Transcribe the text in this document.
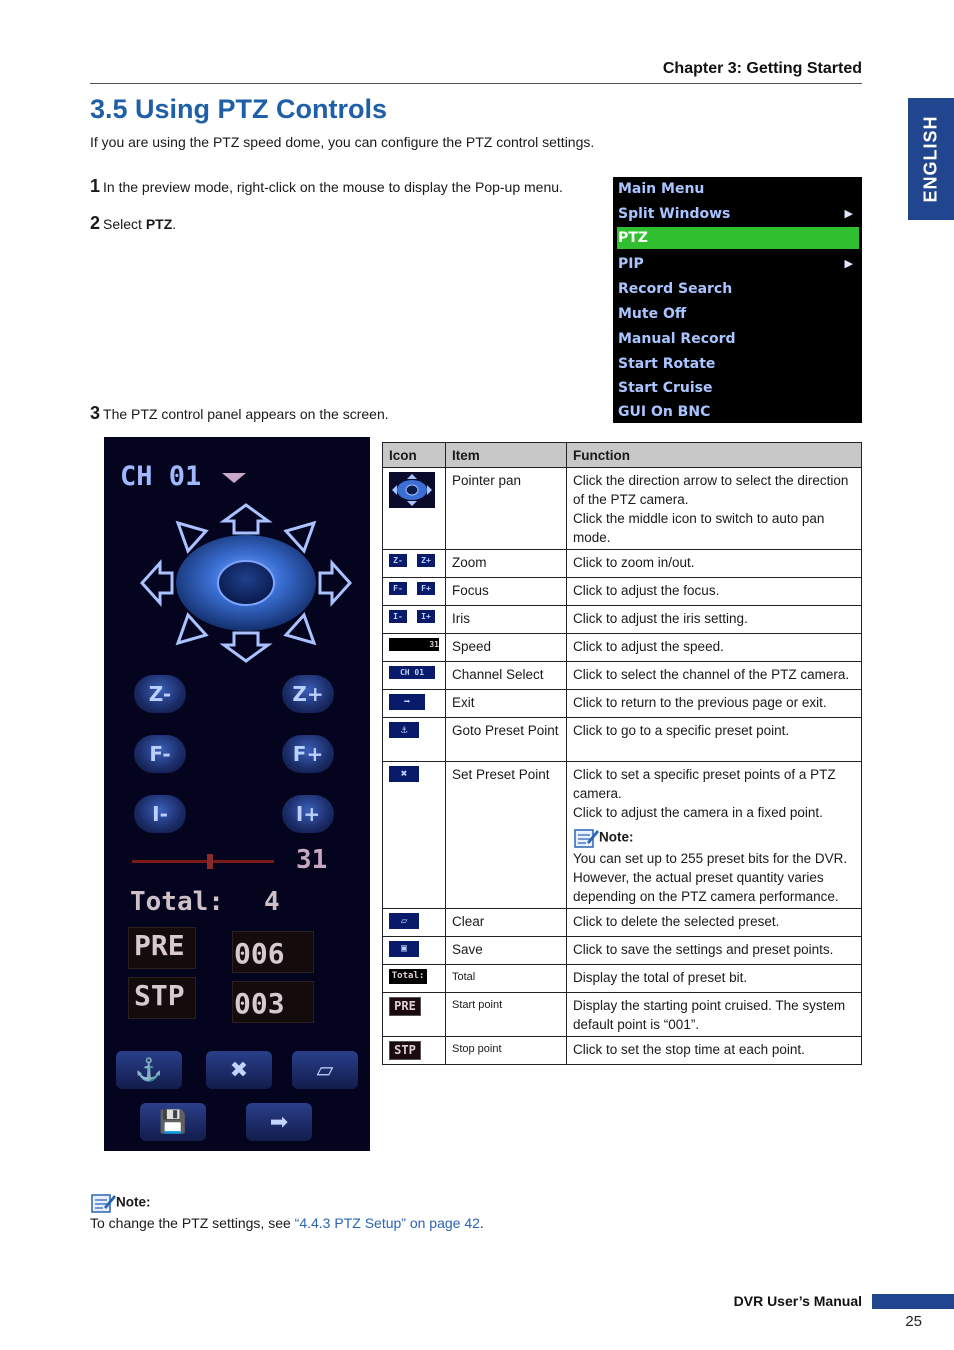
Chapter 3: Getting Started
ENGLISH
3.5 Using PTZ Controls
If you are using the PTZ speed dome, you can configure the PTZ control settings.
1 In the preview mode, right-click on the mouse to display the Pop-up menu.
2 Select PTZ.
3 The PTZ control panel appears on the screen.
Main Menu
Split Windows	▶
PTZ
PIP	▶
Record Search
Mute Off
Manual Record
Start Rotate
Start Cruise
GUI On BNC
CH 01
Z-	Z+
F-	F+
I-	I+
31
Total: 4
PRE 006
STP 003
⚓	✖	▱
💾	➡
Icon	Item	Function

	Pointer pan	Click the direction arrow to select the direction of the PTZ camera.
Click the middle icon to switch to auto pan mode.

Z- Z+	Zoom	Click to zoom in/out.
F- F+	Focus	Click to adjust the focus.
I- I+	Iris	Click to adjust the iris setting.
31	Speed	Click to adjust the speed.
CH 01	Channel Select	Click to select the channel of the PTZ camera.
➡	Exit	Click to return to the previous page or exit.
⚓	Goto Preset Point	Click to go to a specific preset point.
✖	Set Preset Point	Click to set a specific preset points of a PTZ camera.
Click to adjust the camera in a fixed point.
Note:
You can set up to 255 preset bits for the DVR. However, the actual preset quantity varies depending on the PTZ camera performance.

▱	Clear	Click to delete the selected preset.
▣	Save	Click to save the settings and preset points.
Total:	Total	Display the total of preset bit.
PRE	Start point	Display the starting point cruised. The system default point is “001”.
STP	Stop point	Click to set the stop time at each point.
Note:
To change the PTZ settings, see “4.4.3 PTZ Setup” on page 42.
DVR User’s Manual
25
